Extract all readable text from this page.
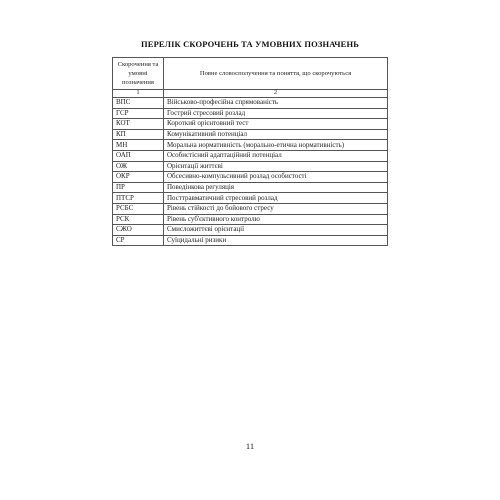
ПЕРЕЛІК СКОРОЧЕНЬ ТА УМОВНИХ ПОЗНАЧЕНЬ
Скорочення та умовні позначення	Повне словосполучення та поняття, що скорочуються
1	2
ВПС	Військово-професійна спрямованість
ГСР	Гострий стресовий розлад
КОТ	Короткий орієнтовний тест
КП	Комунікативний потенціал
МН	Моральна нормативність (морально-етична нормативність)
ОАП	Особистісний адаптаційний потенціал
ОЖ	Орієнтації життєві
ОКР	Обсесивно-компульсивний розлад особистості
ПР	Поведінкова регуляція
ПТСР	Посттравматичний стресовий розлад
РСБС	Рівень стійкості до бойового стресу
РСК	Рівень суб'єктивного контролю
СЖО	Смисложиттєві орієнтації
СР	Суїцидальні ризики
11
